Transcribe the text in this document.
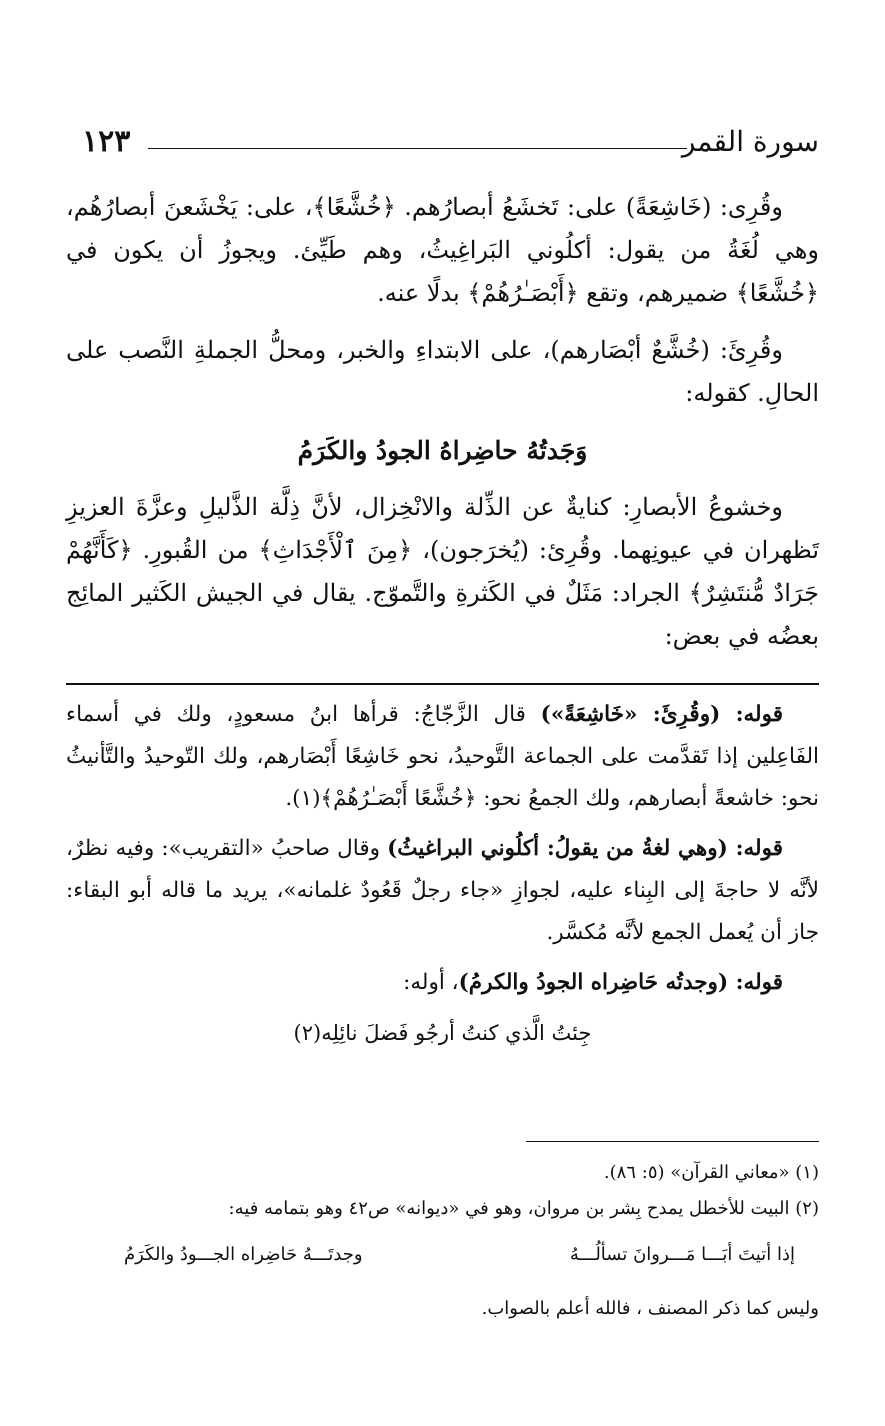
١٢٣	سورة القمر

وقُرِى: (خَاشِعَةً) على: تَخشَعُ أبصارُهم. ﴿خُشَّعًا﴾، على: يَخْشَعنَ أبصارُهُم، وهي لُغَةُ من يقول: أكلُوني البَراغِيثُ، وهم طَيِّئ. ويجوزُ أن يكون في ﴿خُشَّعًا﴾ ضميرهم، وتقع ﴿أَبْصَـٰرُهُمْ﴾ بدلًا عنه.

وقُرِئَ: (خُشَّعٌ أبْصَارهم)، على الابتداءِ والخبر، ومحلُّ الجملةِ النَّصب على الحالِ. كقوله:

وَجَدتُهُ حاضِراهُ الجودُ والكَرَمُ

وخشوعُ الأبصارِ: كنايةٌ عن الذِّلة والانْخِزال، لأنَّ ذِلَّة الذَّليلِ وعزَّةَ العزيزِ تَظهران في عيونِهما. وقُرِئ: (يُخرَجون)، ﴿مِنَ ٱلْأَجْدَاثِ﴾ من القُبورِ. ﴿كَأَنَّهُمْ جَرَادٌ مُّنتَشِرٌ﴾ الجراد: مَثَلٌ في الكَثرةِ والتَّموّج. يقال في الجيش الكَثير المائِج بعضُه في بعض:

قوله: (وقُرِئَ: «خَاشِعَةً») قال الزَّجّاجُ: قرأها ابنُ مسعودٍ، ولك في أسماء الفَاعِلين إذا تَقدَّمت على الجماعة التَّوحيدُ، نحو خَاشِعًا أَبْصَارهم، ولك التّوحيدُ والتَّأنيثُ نحو: خاشعةً أبصارهم، ولك الجمعُ نحو: ﴿خُشَّعًا أَبْصَـٰرُهُمْ﴾(١).

قوله: (وهي لغةُ من يقولُ: أكلُوني البراغيثُ) وقال صاحبُ «التقريب»: وفيه نظرٌ، لأنَّه لا حاجةَ إلى البِناء عليه، لجوازِ «جاء رجلٌ قَعُودٌ غلمانه»، يريد ما قاله أبو البقاء: جاز أن يُعمل الجمع لأنَّه مُكسَّر.

قوله: (وجدتُه حَاضِراه الجودُ والكرمُ)، أوله:

جِئتُ الَّذي كنتُ أرجُو فَضلَ نائِلِه(٢)

(١) «معاني القرآن» (٥: ٨٦).

(٢) البيت للأخطل يمدح بِشر بن مروان، وهو في «ديوانه» ص٤٢ وهو بتمامه فيه:

إذا أتيتَ أبَـــا مَـــروانَ تسألُـــهُ
وجدتَـــهُ حَاضِراه الجـــودُ والكَرَمُ

وليس كما ذكر المصنف ، فالله أعلم بالصواب.
